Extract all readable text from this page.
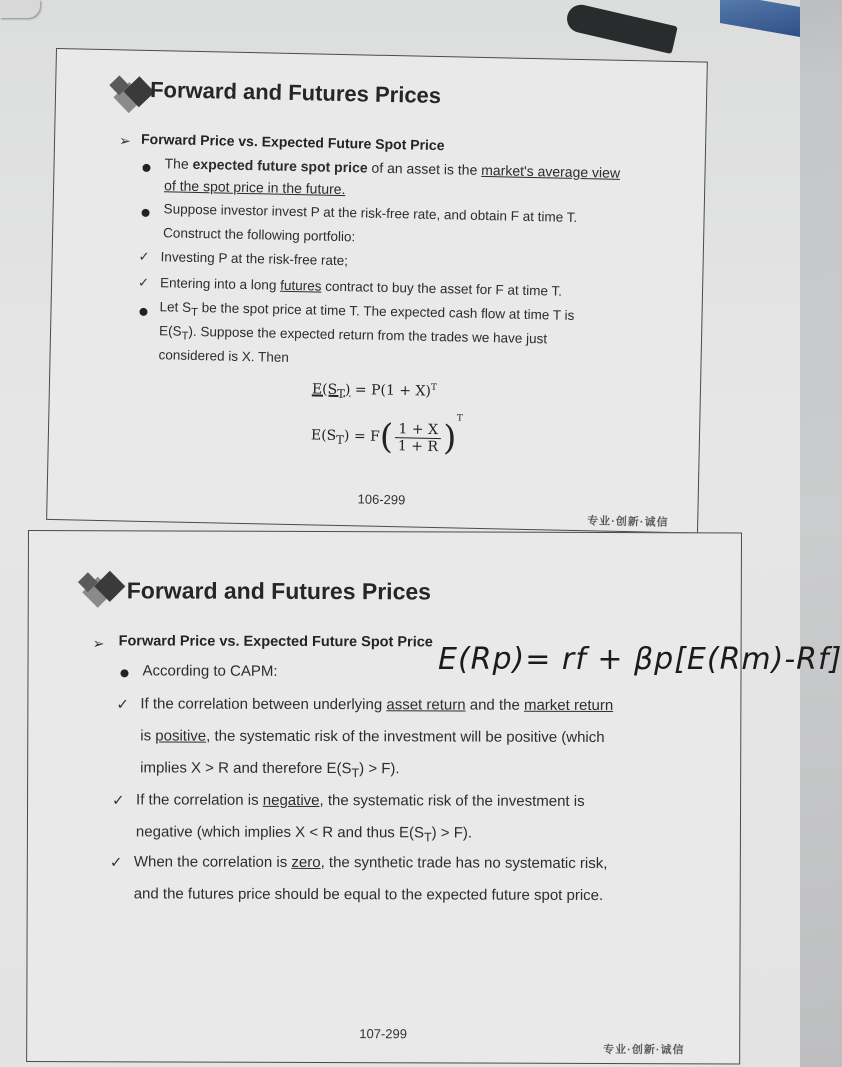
Forward and Futures Prices
➢ Forward Price vs. Expected Future Spot Price
The expected future spot price of an asset is the market's average view
of the spot price in the future.
Suppose investor invest P at the risk-free rate, and obtain F at time T.
Construct the following portfolio:
✓ Investing P at the risk-free rate;
✓ Entering into a long futures contract to buy the asset for F at time T.
Let $S_T$ be the spot price at time T. The expected cash flow at time T is
$E(S_T)$. Suppose the expected return from the trades we have just
considered is X. Then
$E(S_T) = P(1 + X)^T$
$E(S_T) = F( \frac{1 + X}{1 + R} )^T$
106-299
专业·创新·诚信
Forward and Futures Prices
➢ Forward Price vs. Expected Future Spot Price
According to CAPM:
✓ If the correlation between underlying asset return and the market return
is positive, the systematic risk of the investment will be positive (which
implies X > R and therefore $E(S_T) > F$).
✓ If the correlation is negative, the systematic risk of the investment is
negative (which implies X < R and thus $E(S_T) > F$).
✓ When the correlation is zero, the synthetic trade has no systematic risk,
and the futures price should be equal to the expected future spot price.
107-299
专业·创新·诚信
E(Rp)= rf + βp[E(Rm)-Rf]
